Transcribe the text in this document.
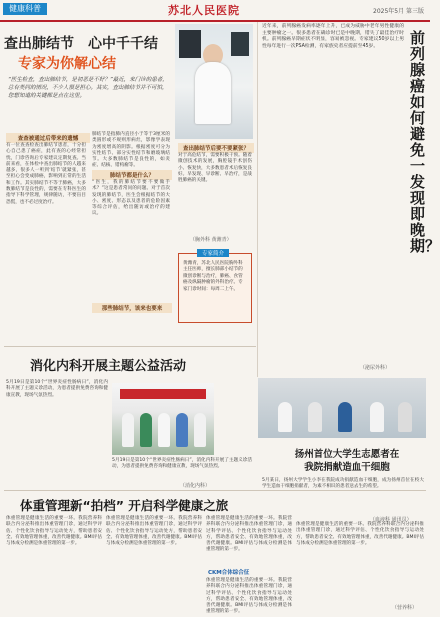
健康科普	苏北人民医院	2025年5月 第三版
查出肺结节　 心中千千结
专家为你解心结
“医生检查，查出肺结节，是初恶是不好？”最近，来门诊的患者，总有类同的情况，不少人很是担心。其实，查出肺结节并不可怕，您想知道的关键都是点在这里。
查查被通过后带来的遗憾
有一位查查检查出肺结节患者，十分担心自己患了癌症，此有查的心经常担忧，门诊咨询后专家建议定期复查。当前来看，在体检中查出肺结节的人越来越多，很多人一听到‘结节’就紧张，甚至担心会变成肺癌，影响到正常的生活和工作。其实肺结节不等于肺癌，大多数肺结节是良性的，需要在专科医生的指导下科学管理，规律随访，不要盲目恐慌，也不必过度治疗。
肺结节是指肺内直径小于等于3厘米的类圆形或不规则形病灶，影像学表现为密度增高的阴影。根据密度可分为实性结节、部分实性结节和磨玻璃结节。大多数肺结节是良性的，如炎症、结核、错构瘤等。
肺结节都是什么？
“医生，我的肺结节要不要做手术？”这是患者常问的问题。对于首次发现的肺结节，医生会根据结节的大小、密度、形态以及患者的危险因素等综合评估，给出随访或治疗的建议。
查出肺结节后要不要紧张？
对于高危结节，需要积极干预。随着微创技术的发展，胸腔镜手术创伤小、恢复快，大多数患者术后恢复良好。早发现、早诊断、早治疗，是战胜肺癌的关键。
那些肺结节，该来也要来
专家简介
黄潍青，苏北人民医院胸外科主任医师，擅长肺部小结节的微创诊断与治疗，肺癌、食管癌及纵隔肿瘤的外科治疗。专家门诊时间：每周二上午。
（胸外科 黄潍青）
近年来，前列腺癌发病率逐年上升，已成为威胁中老年男性健康的主要肿瘤之一。很多患者在确诊时已是中晚期，错失了最佳治疗时机。前列腺癌早期症状不明显，容易被忽视。专家建议50岁以上男性每年进行一次PSA检测，有家族史者应提前至45岁。	前列腺癌如何避免一发现即晚期？
（泌尿外科）
消化内科开展主题公益活动
5月19日是第10个“世界炎症性肠病日”，消化内科开展了主题义诊活动，为患者提供免费咨询和健康宣教，现场气氛热烈。
5月19日是第10个“世界炎症性肠病日”，消化内科开展了主题义诊活动，为患者提供免费咨询和健康宣教，现场气氛热烈。
（消化内科）
扬州首位大学生志愿者在
我院捐献造血干细胞
5月某日，扬州大学学生小李在我院成功捐献造血干细胞，成为扬州首位在校大学生造血干细胞捐献者，为素不相识的患者送去生的希望。
（血液科 通讯员）
体重管理新“拍档” 开启科学健康之旅
体重管理是健康生活的重要一环。我院营养科联合内分泌科推出体重管理门诊，通过科学评估、个性化饮食指导与运动处方，帮助患者安全、有效地管理体重，改善代谢健康。BMI评估与体成分检测是体重管理的第一步。
体重管理是健康生活的重要一环。我院营养科联合内分泌科推出体重管理门诊，通过科学评估、个性化饮食指导与运动处方，帮助患者安全、有效地管理体重，改善代谢健康。BMI评估与体成分检测是体重管理的第一步。
体重管理是健康生活的重要一环。我院营养科联合内分泌科推出体重管理门诊，通过科学评估、个性化饮食指导与运动处方，帮助患者安全、有效地管理体重，改善代谢健康。BMI评估与体成分检测是体重管理的第一步。
CKM合体综合征
体重管理是健康生活的重要一环。我院营养科联合内分泌科推出体重管理门诊，通过科学评估、个性化饮食指导与运动处方，帮助患者安全、有效地管理体重，改善代谢健康。BMI评估与体成分检测是体重管理的第一步。
体重管理是健康生活的重要一环。我院营养科联合内分泌科推出体重管理门诊，通过科学评估、个性化饮食指导与运动处方，帮助患者安全、有效地管理体重，改善代谢健康。BMI评估与体成分检测是体重管理的第一步。
（营养科）
